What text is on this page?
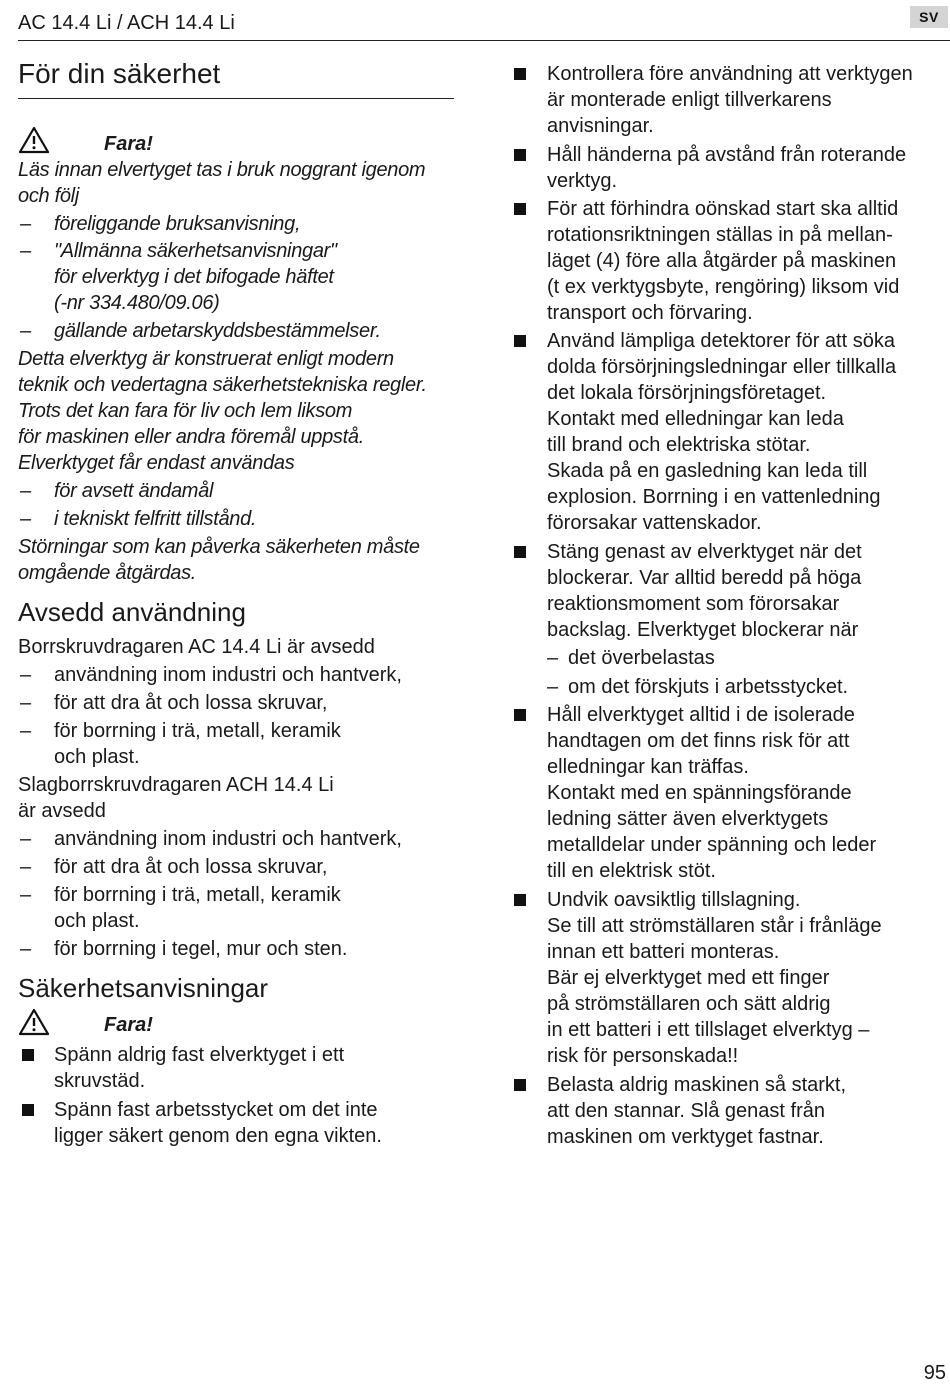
AC 14.4 Li / ACH 14.4 Li	SV
För din säkerhet
Fara!
Läs innan elvertyget tas i bruk noggrant igenom
och följ
– föreliggande bruksanvisning,
– "Allmänna säkerhetsanvisningar"
för elverktyg i det bifogade häftet
(-nr 334.480/09.06)
– gällande arbetarskyddsbestämmelser.
Detta elverktyg är konstruerat enligt modern
teknik och vedertagna säkerhetstekniska regler.
Trots det kan fara för liv och lem liksom
för maskinen eller andra föremål uppstå.
Elverktyget får endast användas
– för avsett ändamål
– i tekniskt felfritt tillstånd.
Störningar som kan påverka säkerheten måste
omgående åtgärdas.
Avsedd användning
Borrskruvdragaren AC 14.4 Li är avsedd
– användning inom industri och hantverk,
– för att dra åt och lossa skruvar,
– för borrning i trä, metall, keramik
och plast.
Slagborrskruvdragaren ACH 14.4 Li
är avsedd
– användning inom industri och hantverk,
– för att dra åt och lossa skruvar,
– för borrning i trä, metall, keramik
och plast.
– för borrning i tegel, mur och sten.
Säkerhetsanvisningar
Fara!
Spänn aldrig fast elverktyget i ett
skruvstäd.
Spänn fast arbetsstycket om det inte
ligger säkert genom den egna vikten.
Kontrollera före användning att verktygen
är monterade enligt tillverkarens
anvisningar.
Håll händerna på avstånd från roterande
verktyg.
För att förhindra oönskad start ska alltid
rotationsriktningen ställas in på mellan-
läget (4) före alla åtgärder på maskinen
(t ex verktygsbyte, rengöring) liksom vid
transport och förvaring.
Använd lämpliga detektorer för att söka
dolda försörjningsledningar eller tillkalla
det lokala försörjningsföretaget.
Kontakt med elledningar kan leda
till brand och elektriska stötar.
Skada på en gasledning kan leda till
explosion. Borrning i en vattenledning
förorsakar vattenskador.
Stäng genast av elverktyget när det
blockerar. Var alltid beredd på höga
reaktionsmoment som förorsakar
backslag. Elverktyget blockerar när
– det överbelastas
– om det förskjuts i arbetsstycket.
Håll elverktyget alltid i de isolerade
handtagen om det finns risk för att
elledningar kan träffas.
Kontakt med en spänningsförande
ledning sätter även elverktygets
metalldelar under spänning och leder
till en elektrisk stöt.
Undvik oavsiktlig tillslagning.
Se till att strömställaren står i frånläge
innan ett batteri monteras.
Bär ej elverktyget med ett finger
på strömställaren och sätt aldrig
in ett batteri i ett tillslaget elverktyg –
risk för personskada!!
Belasta aldrig maskinen så starkt,
att den stannar. Slå genast från
maskinen om verktyget fastnar.
95
